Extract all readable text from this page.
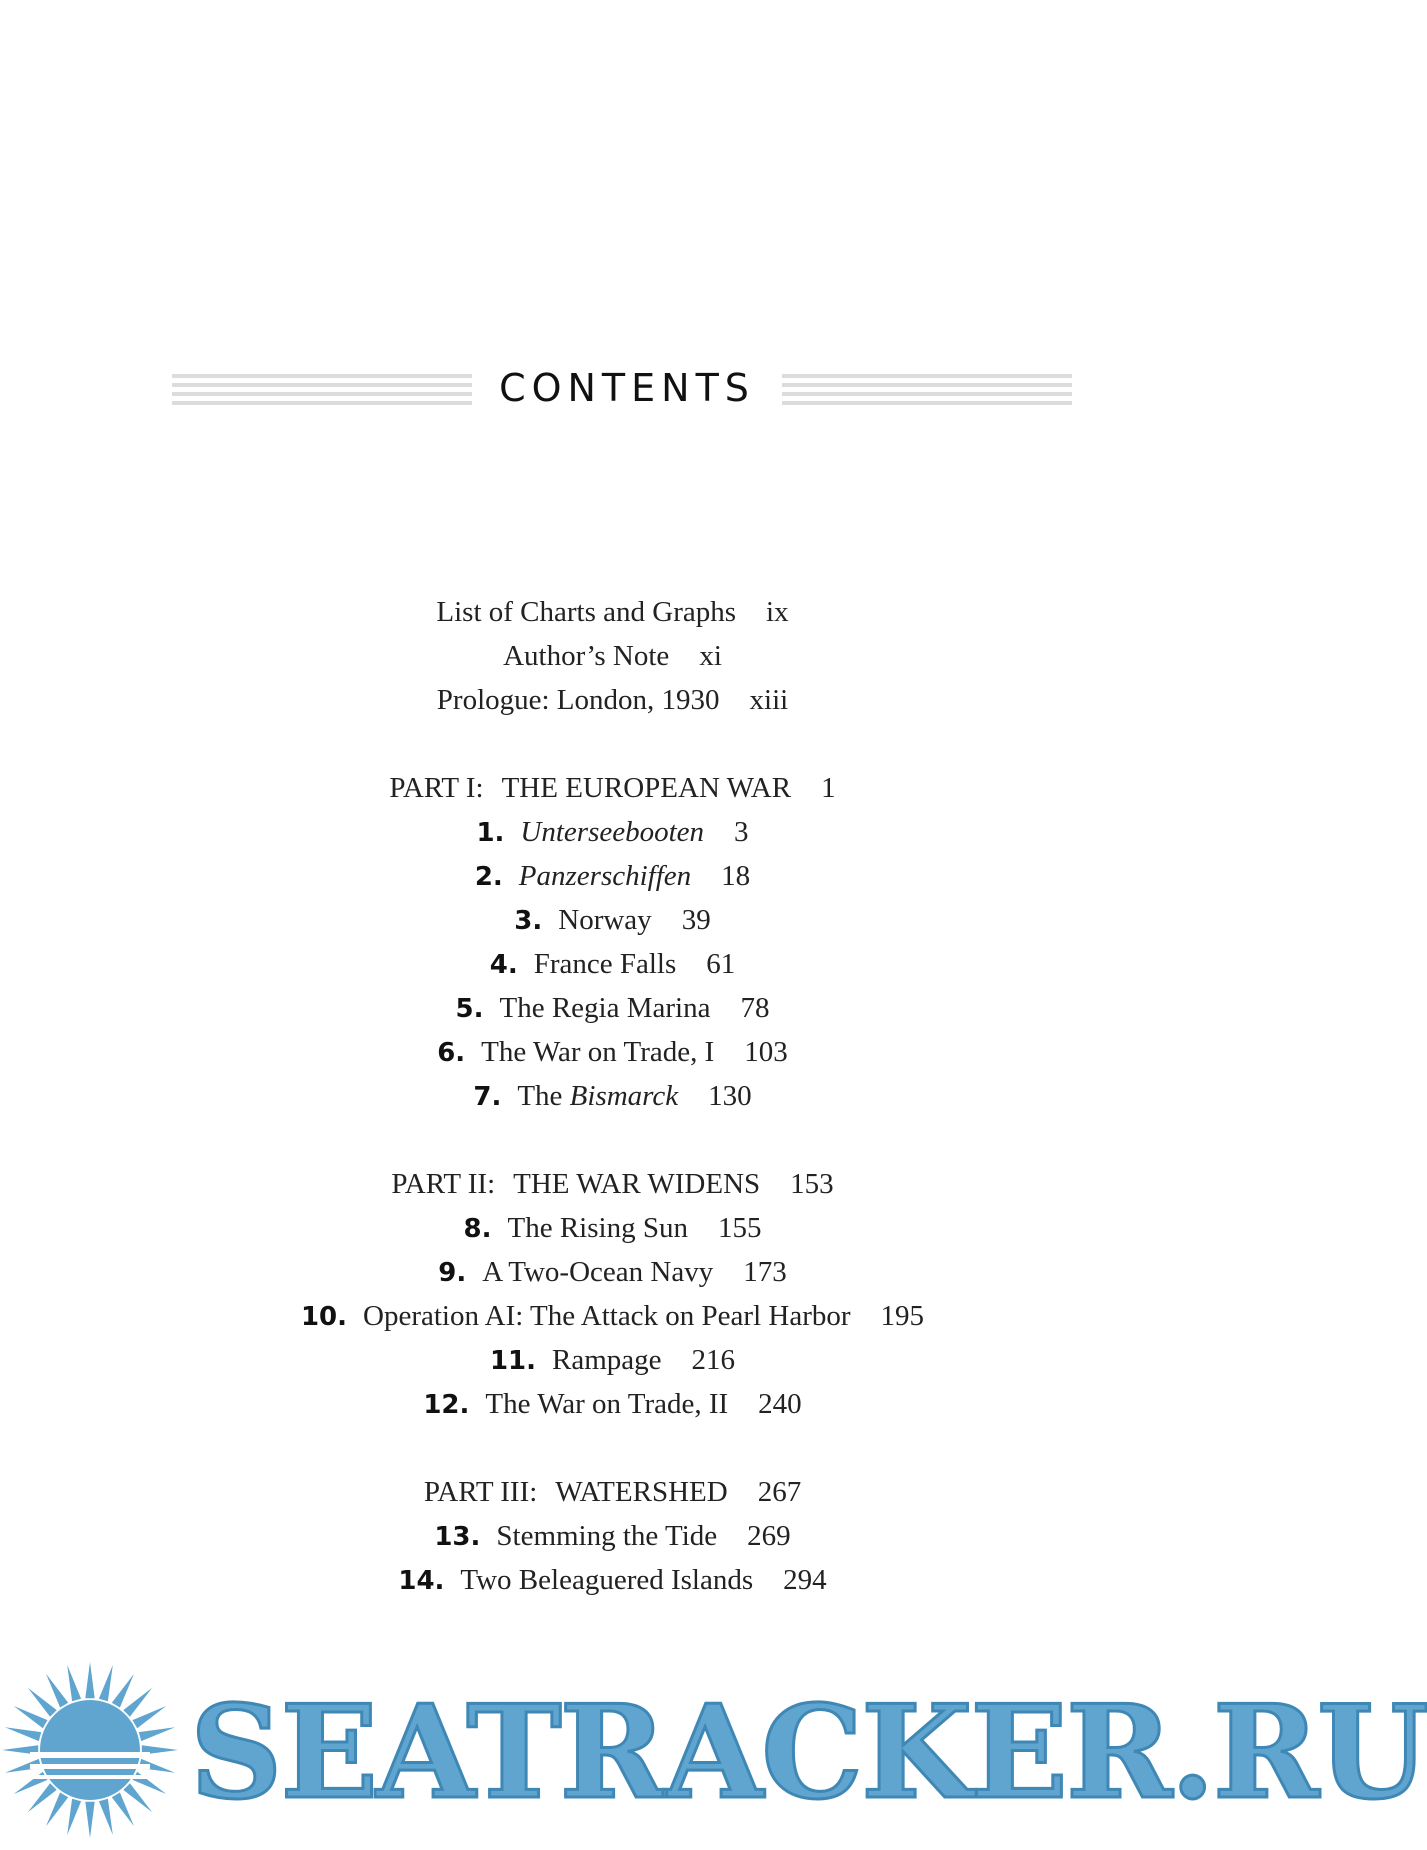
CONTENTS
List of Charts and Graphs ix
Author’s Note xi
Prologue: London, 1930 xiii
PART I: THE EUROPEAN WAR 1
1. Unterseebooten 3
2. Panzerschiffen 18
3. Norway 39
4. France Falls 61
5. The Regia Marina 78
6. The War on Trade, I 103
7. The Bismarck 130
PART II: THE WAR WIDENS 153
8. The Rising Sun 155
9. A Two-Ocean Navy 173
10. Operation AI: The Attack on Pearl Harbor 195
11. Rampage 216
12. The War on Trade, II 240
PART III: WATERSHED 267
13. Stemming the Tide 269
14. Two Beleaguered Islands 294
SEATRACKER.RU
